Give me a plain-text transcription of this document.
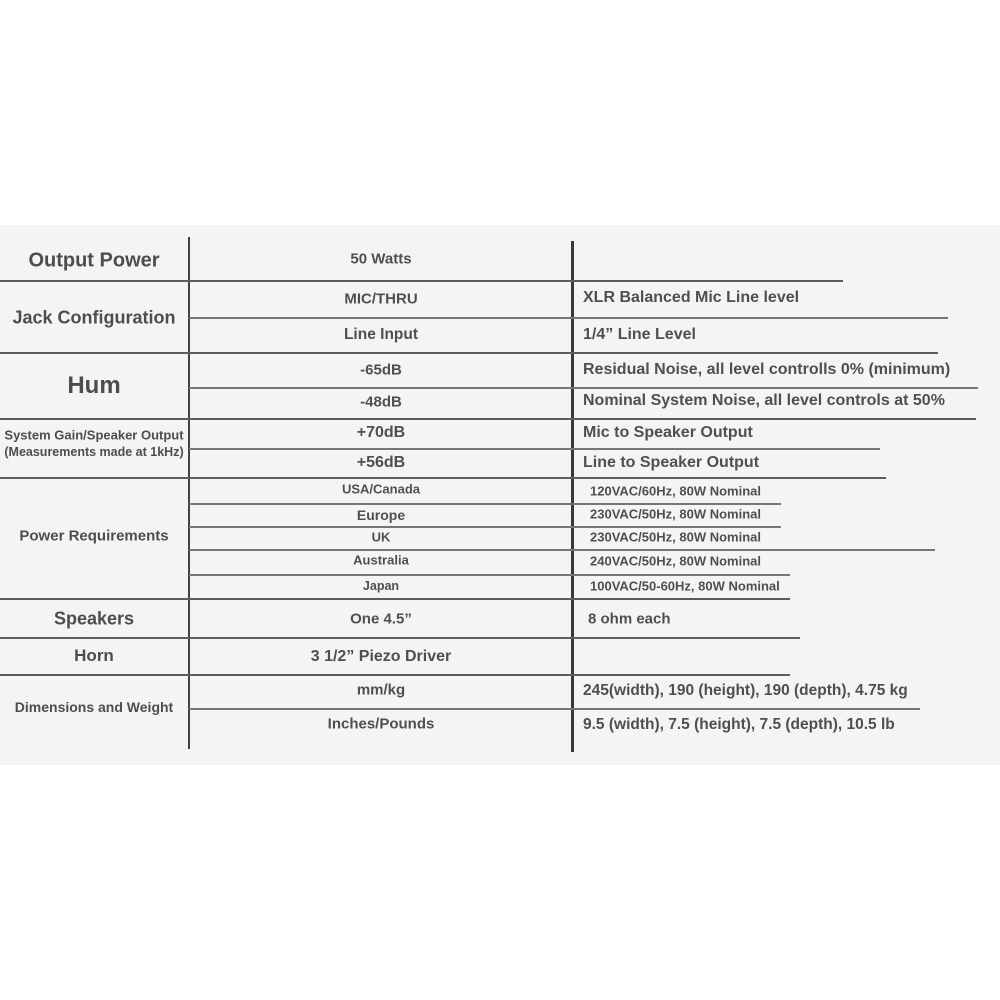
Output Power
Jack Configuration
Hum
System Gain/Speaker Output
(Measurements made at 1kHz)
Power Requirements
Speakers
Horn
Dimensions and Weight
50 Watts
MIC/THRU
Line Input
-65dB
-48dB
+70dB
+56dB
USA/Canada
Europe
UK
Australia
Japan
One 4.5”
3 1/2” Piezo Driver
mm/kg
Inches/Pounds
XLR Balanced Mic Line level
1/4” Line Level
Residual Noise, all level controlls 0% (minimum)
Nominal System Noise, all level controls at 50%
Mic to Speaker Output
Line to Speaker Output
120VAC/60Hz, 80W Nominal
230VAC/50Hz, 80W Nominal
230VAC/50Hz, 80W Nominal
240VAC/50Hz, 80W Nominal
100VAC/50-60Hz, 80W Nominal
8 ohm each
245(width), 190 (height), 190 (depth), 4.75 kg
9.5 (width), 7.5 (height), 7.5 (depth), 10.5 lb
